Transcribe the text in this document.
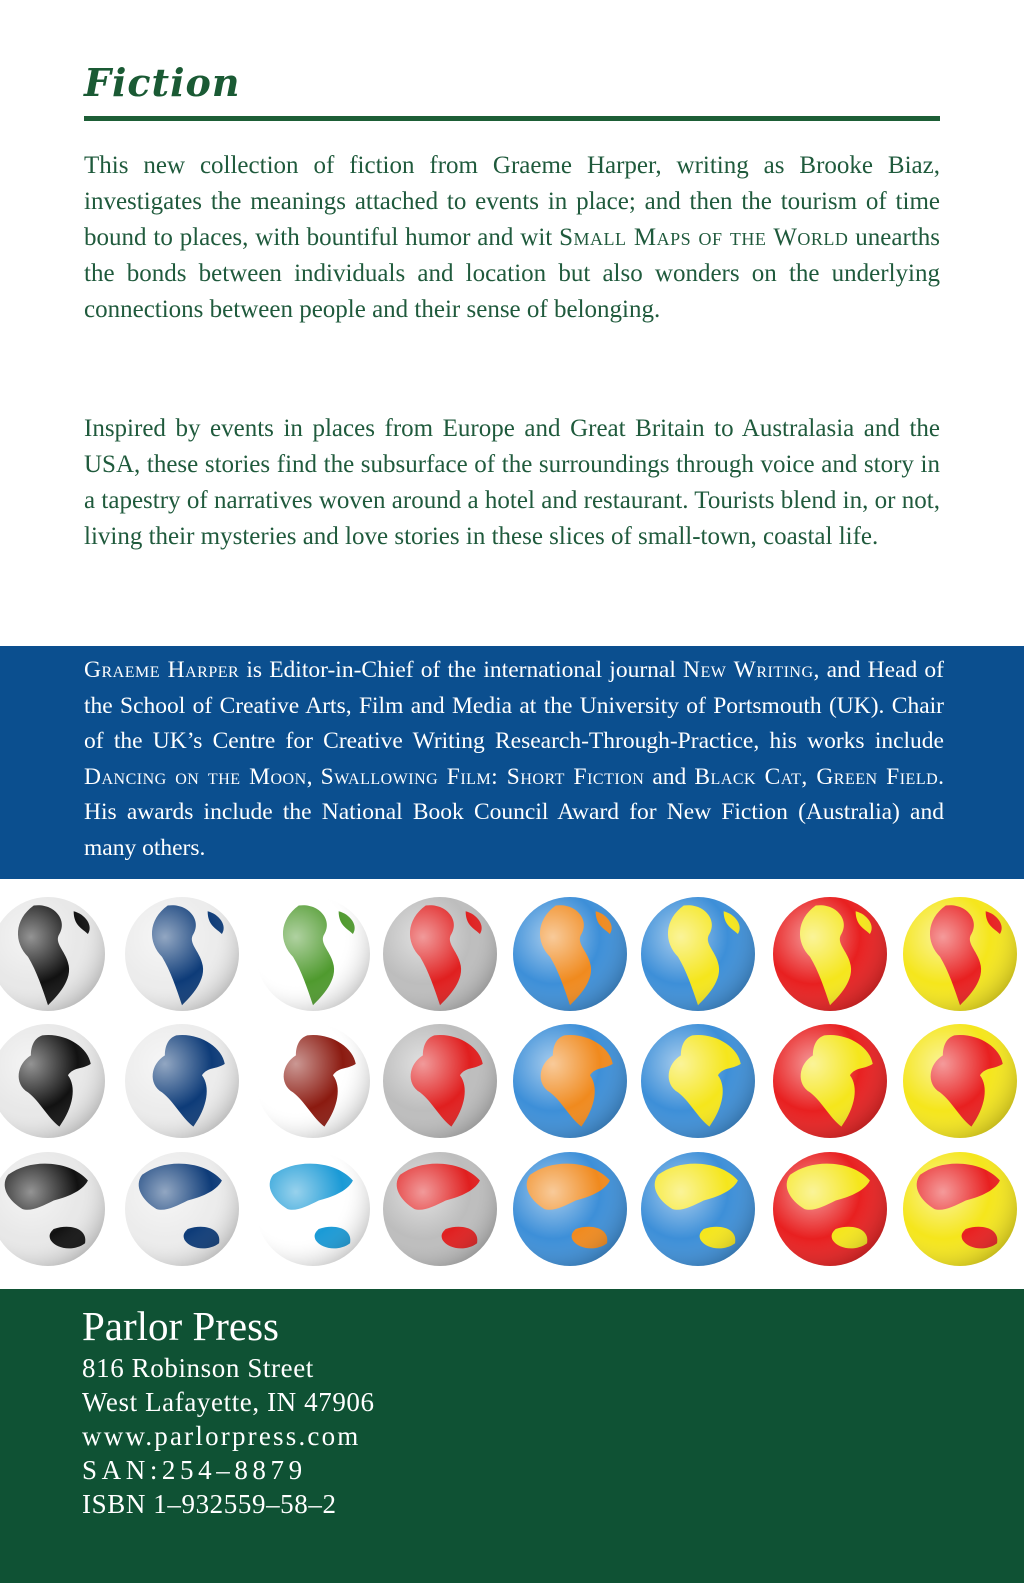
Fiction

This new collection of fiction from Graeme Harper, writing as Brooke Biaz, investigates the meanings attached to events in place; and then the tourism of time bound to places, with bountiful humor and wit Small Maps of the World unearths the bonds between individuals and location but also wonders on the underlying connections between people and their sense of belonging.

Inspired by events in places from Europe and Great Britain to Australasia and the USA, these stories find the subsurface of the surroundings through voice and story in a tapestry of narratives woven around a hotel and restaurant. Tourists blend in, or not, living their mysteries and love stories in these slices of small-town, coastal life.

Graeme Harper is Editor-in-Chief of the international journal New Writing, and Head of the School of Creative Arts, Film and Media at the University of Portsmouth (UK). Chair of the UK’s Centre for Creative Writing Research-Through-Practice, his works include Dancing on the Moon, Swallowing Film: Short Fiction and Black Cat, Green Field. His awards include the National Book Council Award for New Fiction (Australia) and many others.

Parlor Press
816 Robinson Street
West Lafayette, IN 47906
www.parlorpress.com
SAN:254–8879
ISBN 1–932559–58–2
